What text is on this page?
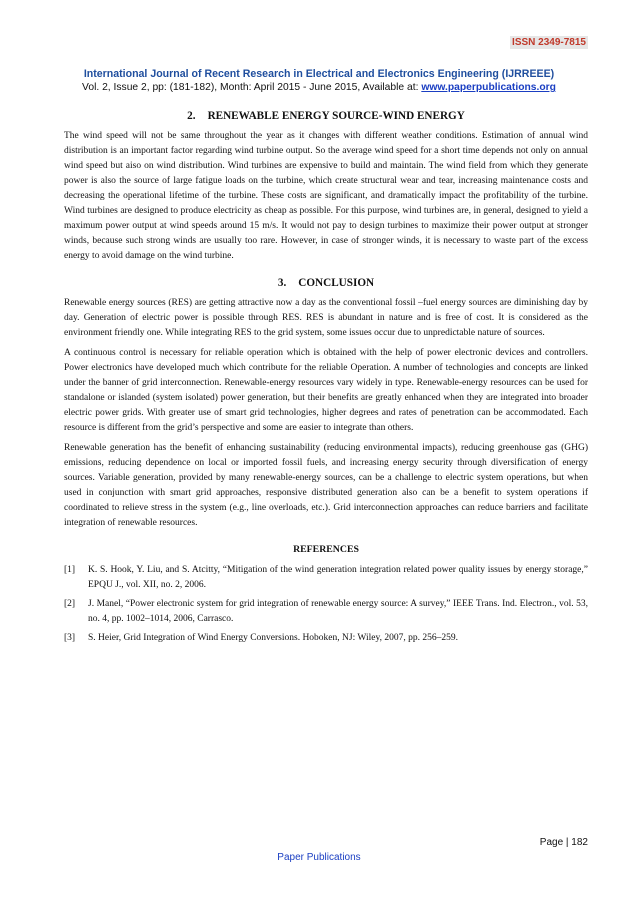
ISSN 2349-7815
International Journal of Recent Research in Electrical and Electronics Engineering (IJRREEE)
Vol. 2, Issue 2, pp: (181-182), Month: April 2015 - June 2015, Available at: www.paperpublications.org
2. RENEWABLE ENERGY SOURCE-WIND ENERGY

The wind speed will not be same throughout the year as it changes with different weather conditions. Estimation of annual wind distribution is an important factor regarding wind turbine output. So the average wind speed for a short time depends not only on annual wind speed but aiso on wind distribution. Wind turbines are expensive to build and maintain. The wind field from which they generate power is also the source of large fatigue loads on the turbine, which create structural wear and tear, increasing maintenance costs and decreasing the operational lifetime of the turbine. These costs are significant, and dramatically impact the profitability of the turbine. Wind turbines are designed to produce electricity as cheap as possible. For this purpose, wind turbines are, in general, designed to yield a maximum power output at wind speeds around 15 m/s. It would not pay to design turbines to maximize their power output at stronger winds, because such strong winds are usually too rare. However, in case of stronger winds, it is necessary to waste part of the excess energy to avoid damage on the wind turbine.

3. CONCLUSION

Renewable energy sources (RES) are getting attractive now a day as the conventional fossil –fuel energy sources are diminishing day by day. Generation of electric power is possible through RES. RES is abundant in nature and is free of cost. It is considered as the environment friendly one. While integrating RES to the grid system, some issues occur due to unpredictable nature of sources.

A continuous control is necessary for reliable operation which is obtained with the help of power electronic devices and controllers. Power electronics have developed much which contribute for the reliable Operation. A number of technologies and concepts are linked under the banner of grid interconnection. Renewable-energy resources vary widely in type. Renewable-energy resources can be used for standalone or islanded (system isolated) power generation, but their benefits are greatly enhanced when they are integrated into broader electric power grids. With greater use of smart grid technologies, higher degrees and rates of penetration can be accommodated. Each resource is different from the grid’s perspective and some are easier to integrate than others.

Renewable generation has the benefit of enhancing sustainability (reducing environmental impacts), reducing greenhouse gas (GHG) emissions, reducing dependence on local or imported fossil fuels, and increasing energy security through diversification of energy sources. Variable generation, provided by many renewable-energy sources, can be a challenge to electric system operations, but when used in conjunction with smart grid approaches, responsive distributed generation also can be a benefit to system operations if coordinated to relieve stress in the system (e.g., line overloads, etc.). Grid interconnection approaches can reduce barriers and facilitate integration of renewable resources.

REFERENCES
[1]	K. S. Hook, Y. Liu, and S. Atcitty, “Mitigation of the wind generation integration related power quality issues by energy storage,” EPQU J., vol. XII, no. 2, 2006.
[2]	J. Manel, “Power electronic system for grid integration of renewable energy source: A survey,” IEEE Trans. Ind. Electron., vol. 53, no. 4, pp. 1002–1014, 2006, Carrasco.
[3]	S. Heier, Grid Integration of Wind Energy Conversions. Hoboken, NJ: Wiley, 2007, pp. 256–259.
Page | 182
Paper Publications
